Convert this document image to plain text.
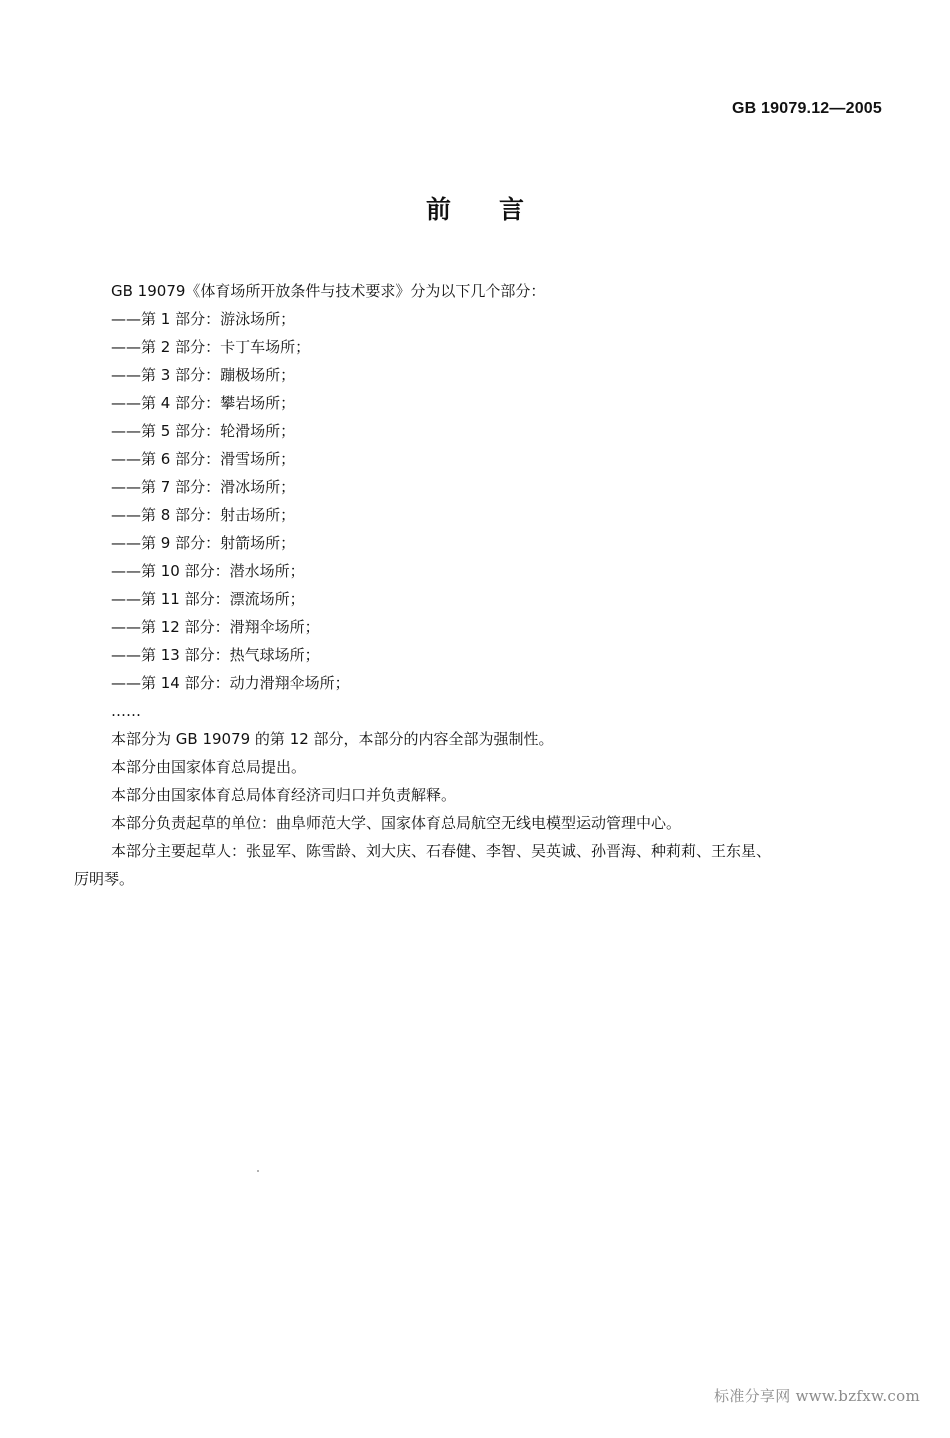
GB 19079.12—2005
前言

GB 19079《体育场所开放条件与技术要求》分为以下几个部分：

——第 1 部分：游泳场所；

——第 2 部分：卡丁车场所；

——第 3 部分：蹦极场所；

——第 4 部分：攀岩场所；

——第 5 部分：轮滑场所；

——第 6 部分：滑雪场所；

——第 7 部分：滑冰场所；

——第 8 部分：射击场所；

——第 9 部分：射箭场所；

——第 10 部分：潜水场所；

——第 11 部分：漂流场所；

——第 12 部分：滑翔伞场所；

——第 13 部分：热气球场所；

——第 14 部分：动力滑翔伞场所；

……

本部分为 GB 19079 的第 12 部分，本部分的内容全部为强制性。

本部分由国家体育总局提出。

本部分由国家体育总局体育经济司归口并负责解释。

本部分负责起草的单位：曲阜师范大学、国家体育总局航空无线电模型运动管理中心。

本部分主要起草人：张显军、陈雪龄、刘大庆、石春健、李智、吴英诚、孙晋海、种莉莉、王东星、

厉明琴。

标准分享网 www.bzfxw.com
